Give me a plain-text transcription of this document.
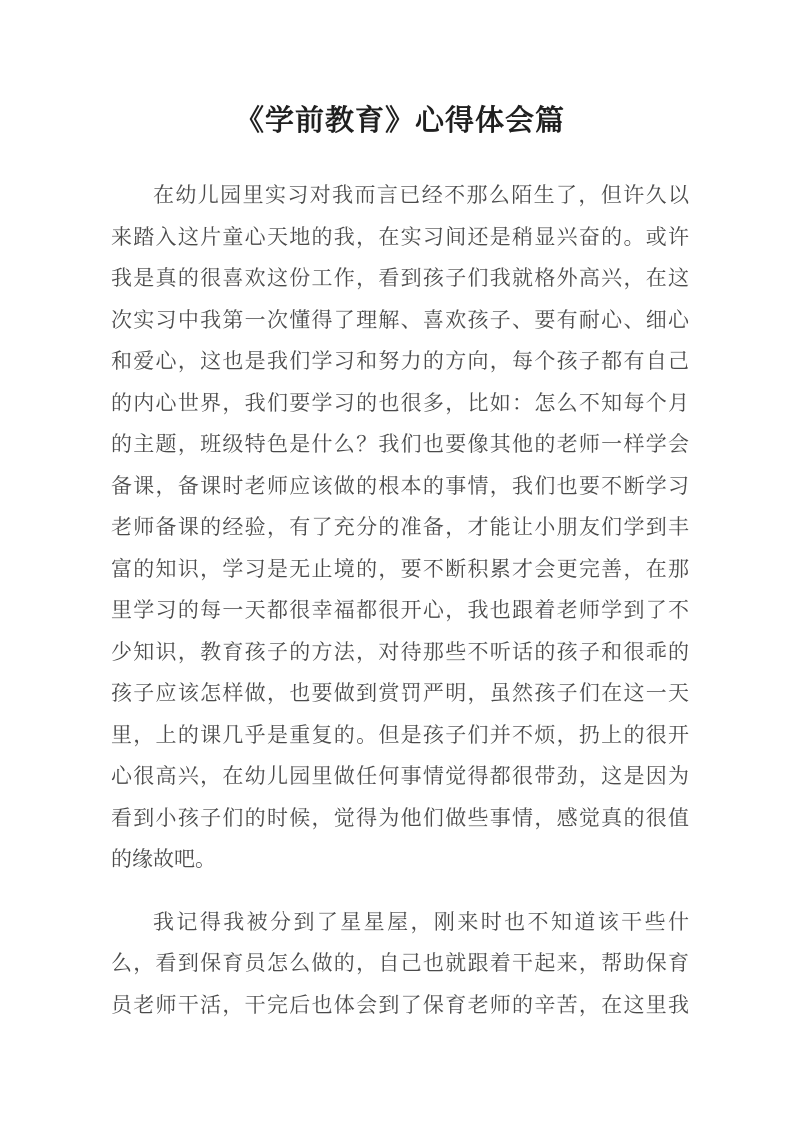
《学前教育》心得体会篇
在幼儿园里实习对我而言已经不那么陌生了，但许久以
来踏入这片童心天地的我，在实习间还是稍显兴奋的。或许
我是真的很喜欢这份工作，看到孩子们我就格外高兴，在这
次实习中我第一次懂得了理解、喜欢孩子、要有耐心、细心
和爱心，这也是我们学习和努力的方向，每个孩子都有自己
的内心世界，我们要学习的也很多，比如：怎么不知每个月
的主题，班级特色是什么？我们也要像其他的老师一样学会
备课，备课时老师应该做的根本的事情，我们也要不断学习
老师备课的经验，有了充分的准备，才能让小朋友们学到丰
富的知识，学习是无止境的，要不断积累才会更完善，在那
里学习的每一天都很幸福都很开心，我也跟着老师学到了不
少知识，教育孩子的方法，对待那些不听话的孩子和很乖的
孩子应该怎样做，也要做到赏罚严明，虽然孩子们在这一天
里，上的课几乎是重复的。但是孩子们并不烦，扔上的很开
心很高兴，在幼儿园里做任何事情觉得都很带劲，这是因为
看到小孩子们的时候，觉得为他们做些事情，感觉真的很值
的缘故吧。
我记得我被分到了星星屋，刚来时也不知道该干些什
么，看到保育员怎么做的，自己也就跟着干起来，帮助保育
员老师干活，干完后也体会到了保育老师的辛苦，在这里我
